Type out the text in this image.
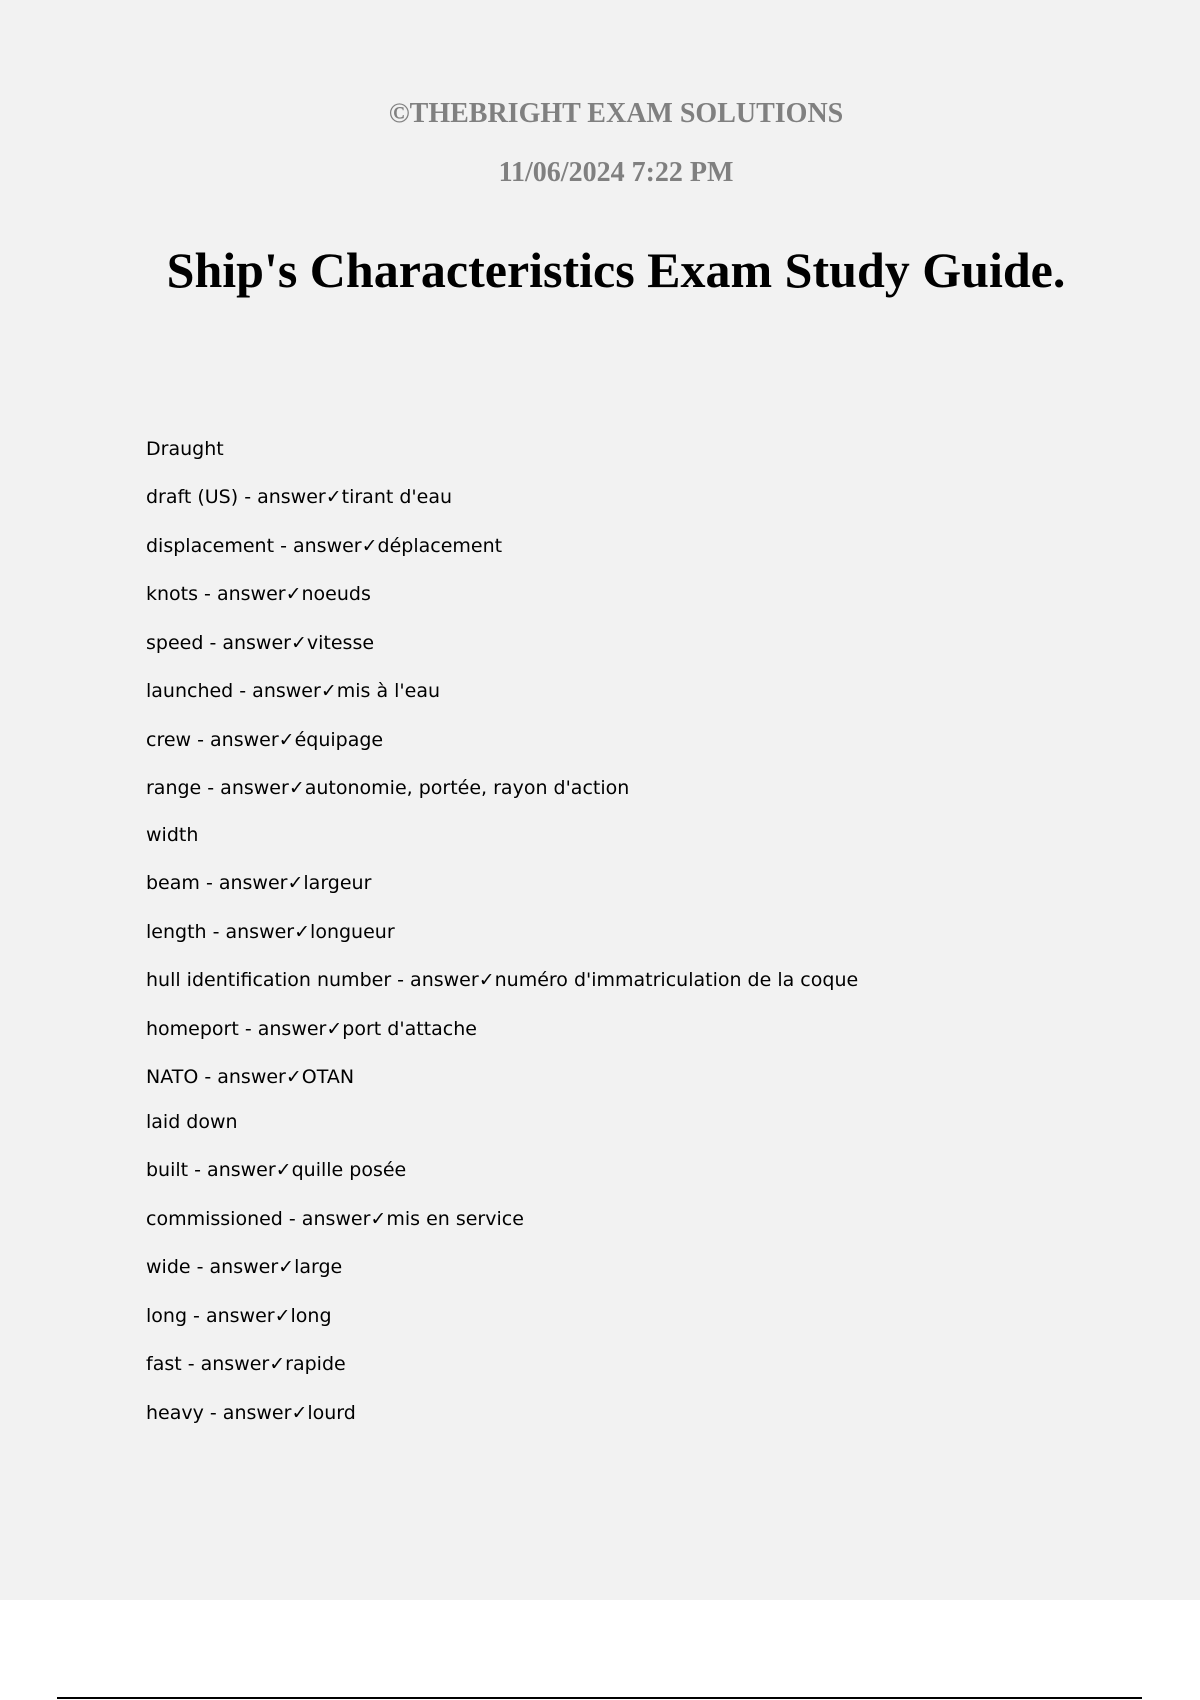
©THEBRIGHT EXAM SOLUTIONS

11/06/2024 7:22 PM

Ship's Characteristics Exam Study Guide.
Draught
draft (US) - answer✓tirant d'eau
displacement - answer✓déplacement
knots - answer✓noeuds
speed - answer✓vitesse
launched - answer✓mis à l'eau
crew - answer✓équipage
range - answer✓autonomie, portée, rayon d'action
width
beam - answer✓largeur
length - answer✓longueur
hull identification number - answer✓numéro d'immatriculation de la coque
homeport - answer✓port d'attache
NATO - answer✓OTAN
laid down
built - answer✓quille posée
commissioned - answer✓mis en service
wide - answer✓large
long - answer✓long
fast - answer✓rapide
heavy - answer✓lourd
